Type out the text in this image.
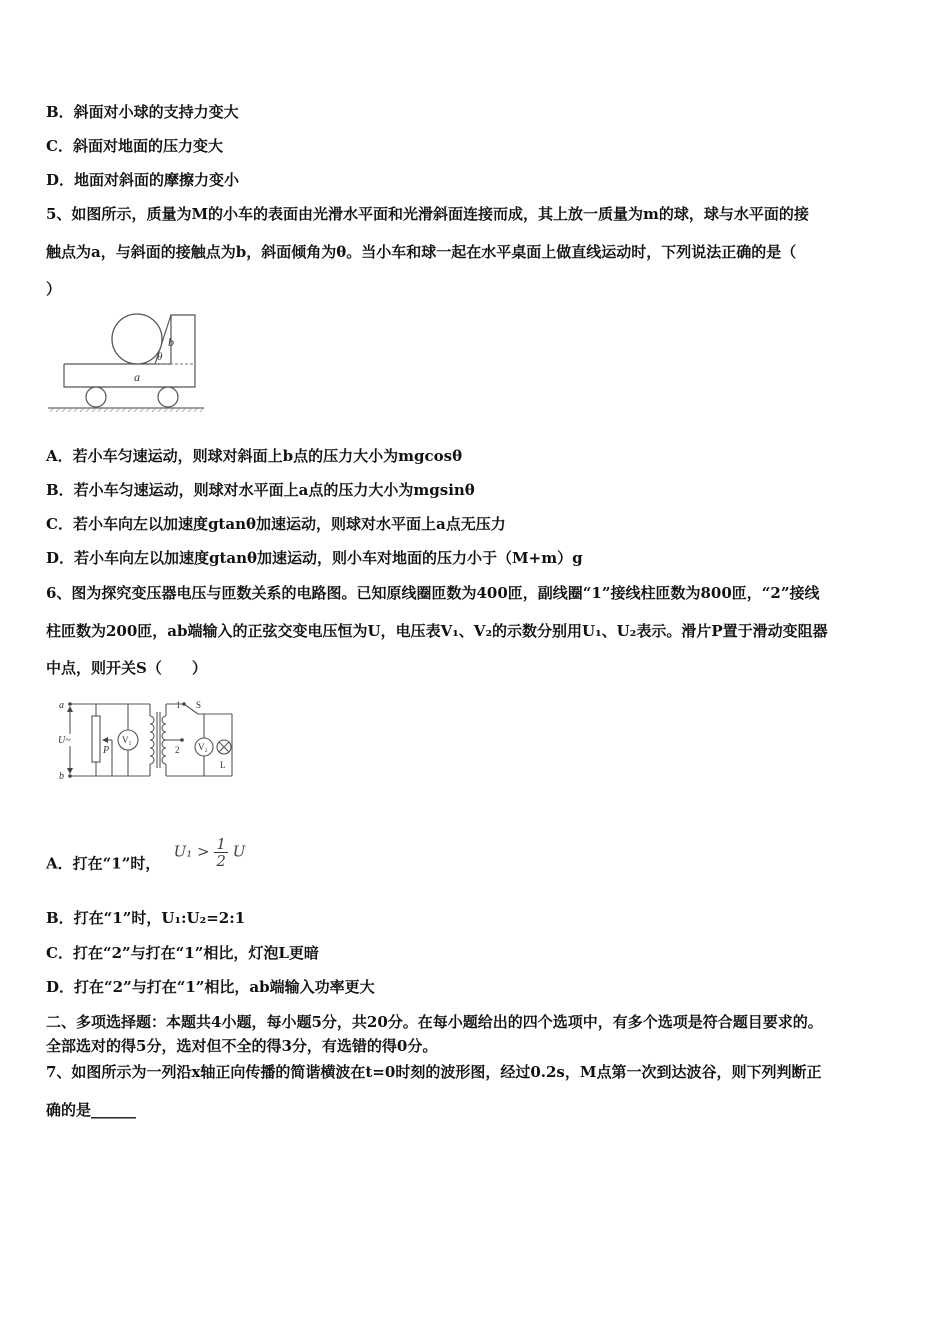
B．斜面对小球的支持力变大
C．斜面对地面的压力变大
D．地面对斜面的摩擦力变小
5、如图所示，质量为M的小车的表面由光滑水平面和光滑斜面连接而成，其上放一质量为m的球，球与水平面的接
触点为a，与斜面的接触点为b，斜面倾角为θ。当小车和球一起在水平桌面上做直线运动时，下列说法正确的是（
）
b
θ
a
A．若小车匀速运动，则球对斜面上b点的压力大小为mgcosθ
B．若小车匀速运动，则球对水平面上a点的压力大小为mgsinθ
C．若小车向左以加速度gtanθ加速运动，则球对水平面上a点无压力
D．若小车向左以加速度gtanθ加速运动，则小车对地面的压力小于（M+m）g
6、图为探究变压器电压与匝数关系的电路图。已知原线圈匝数为400匝，副线圈“1”接线柱匝数为800匝，“2”接线
柱匝数为200匝，ab端输入的正弦交变电压恒为U，电压表V₁、V₂的示数分别用U₁、U₂表示。滑片P置于滑动变阻器
中点，则开关S（　　）
a
b
U~
P
V₁
V₂
S
1
2
L
A．打在“1”时， $U_1 > \frac{1}{2}$ U
B．打在“1”时，U₁:U₂=2:1
C．打在“2”与打在“1”相比，灯泡L更暗
D．打在“2”与打在“1”相比，ab端输入功率更大
二、多项选择题：本题共4小题，每小题5分，共20分。在每小题给出的四个选项中，有多个选项是符合题目要求的。
全部选对的得5分，选对但不全的得3分，有选错的得0分。
7、如图所示为一列沿x轴正向传播的简谐横波在t=0时刻的波形图，经过0.2s，M点第一次到达波谷，则下列判断正
确的是______
